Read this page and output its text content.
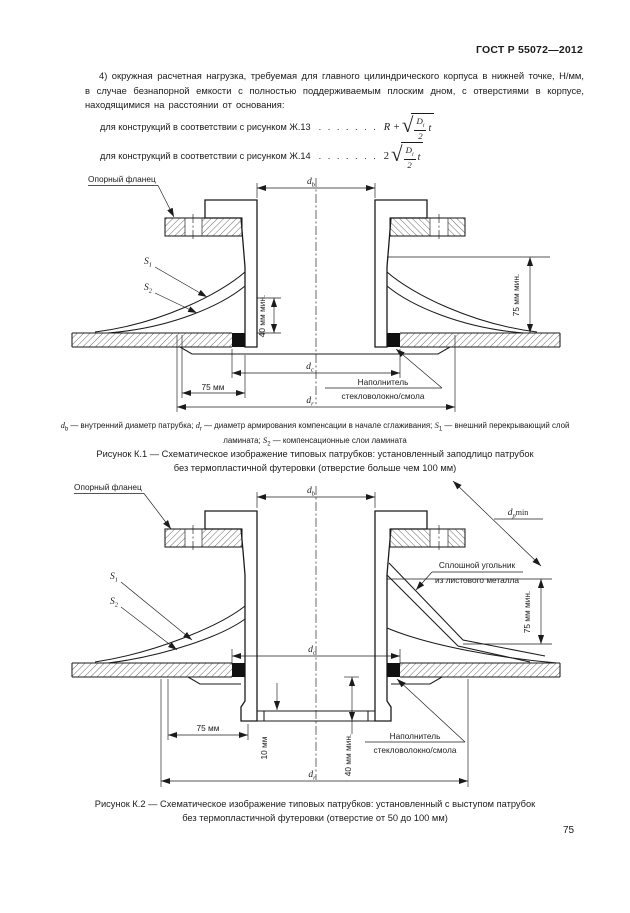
ГОСТ Р 55072—2012
4) окружная расчетная нагрузка, требуемая для главного цилиндрического корпуса в нижней точке, Н/мм, в случае безнапорной емкости с полностью поддерживаемым плоским дном, с отверстиями в корпусе, находящимися на расстоянии от основания:
для конструкций в соответствии с рисунком Ж.13 . . . . . . . R + √ $\frac{D_i}{2}$ t
для конструкций в соответствии с рисунком Ж.14 . . . . . . . 2 √ $\frac{D_i}{2}$ t
$d_b$
Опорный фланец
$S_1$
$S_2$	75 мм мин.
40 мм мин.
$d_c$
75 мм
$d_r$
Наполнитель
стекловолокно/смола
$d_b$ — внутренний диаметр патрубка; $d_r$ — диаметр армирования компенсации в начале сглаживания; $S_1$ — внешний перекрывающий слой ламината; $S_2$ — компенсационные слои ламината
Рисунок К.1 — Схематическое изображение типовых патрубков: установленный заподлицо патрубок
без термопластичной футеровки (отверстие больше чем 100 мм)
$d_b$
Опорный фланец
$d_p^{min}$
Сплошной угольник
из листового металла
$S_1$
$S_2$	75 мм мин.
$d_c$
40 мм мин.
10 мм
75 мм
$d_r$
Наполнитель
стекловолокно/смола
Рисунок К.2 — Схематическое изображение типовых патрубков: установленный с выступом патрубок
без термопластичной футеровки (отверстие от 50 до 100 мм)
75
